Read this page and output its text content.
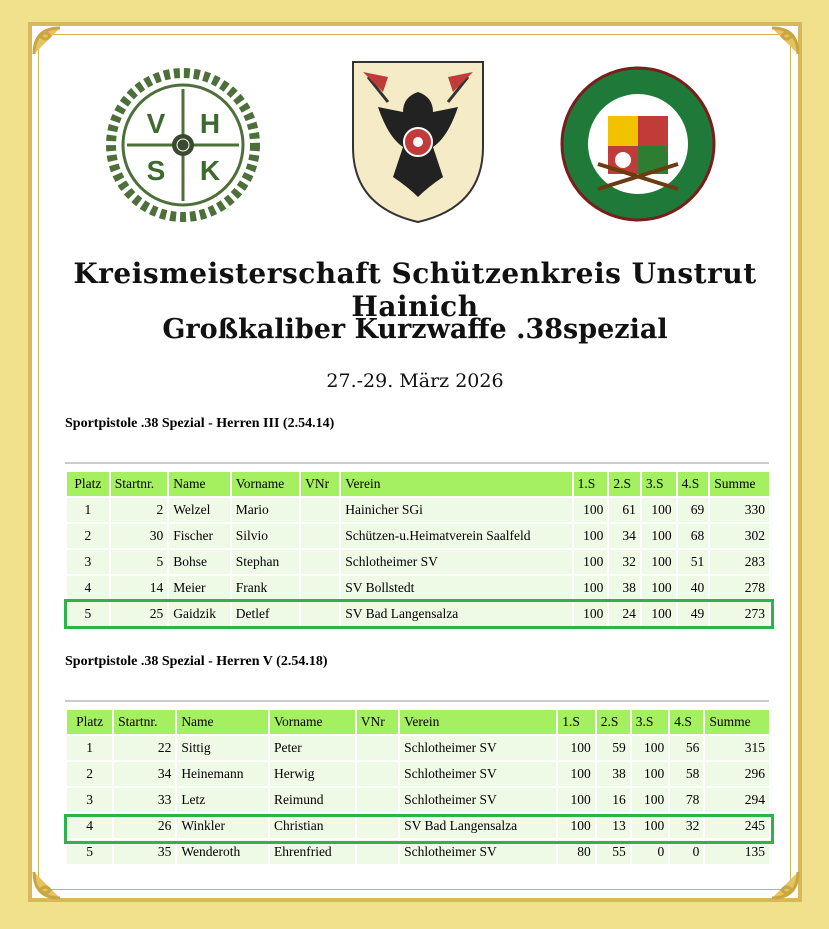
V H
S K
Kreismeisterschaft Schützenkreis Unstrut Hainich
Großkaliber Kurzwaffe .38spezial
27.-29. März 2026
Sportpistole .38 Spezial - Herren III (2.54.14)
Platz	Startnr.	Name	Vorname	VNr	Verein	1.S	2.S	3.S	4.S	Summe
1	2	Welzel	Mario		Hainicher SGi	100	61	100	69	330
2	30	Fischer	Silvio		Schützen-u.Heimatverein Saalfeld	100	34	100	68	302
3	5	Bohse	Stephan		Schlotheimer SV	100	32	100	51	283
4	14	Meier	Frank		SV Bollstedt	100	38	100	40	278
5	25	Gaidzik	Detlef		SV Bad Langensalza	100	24	100	49	273
Sportpistole .38 Spezial - Herren V (2.54.18)
Platz	Startnr.	Name	Vorname	VNr	Verein	1.S	2.S	3.S	4.S	Summe
1	22	Sittig	Peter		Schlotheimer SV	100	59	100	56	315
2	34	Heinemann	Herwig		Schlotheimer SV	100	38	100	58	296
3	33	Letz	Reimund		Schlotheimer SV	100	16	100	78	294
4	26	Winkler	Christian		SV Bad Langensalza	100	13	100	32	245
5	35	Wenderoth	Ehrenfried		Schlotheimer SV	80	55	0	0	135
